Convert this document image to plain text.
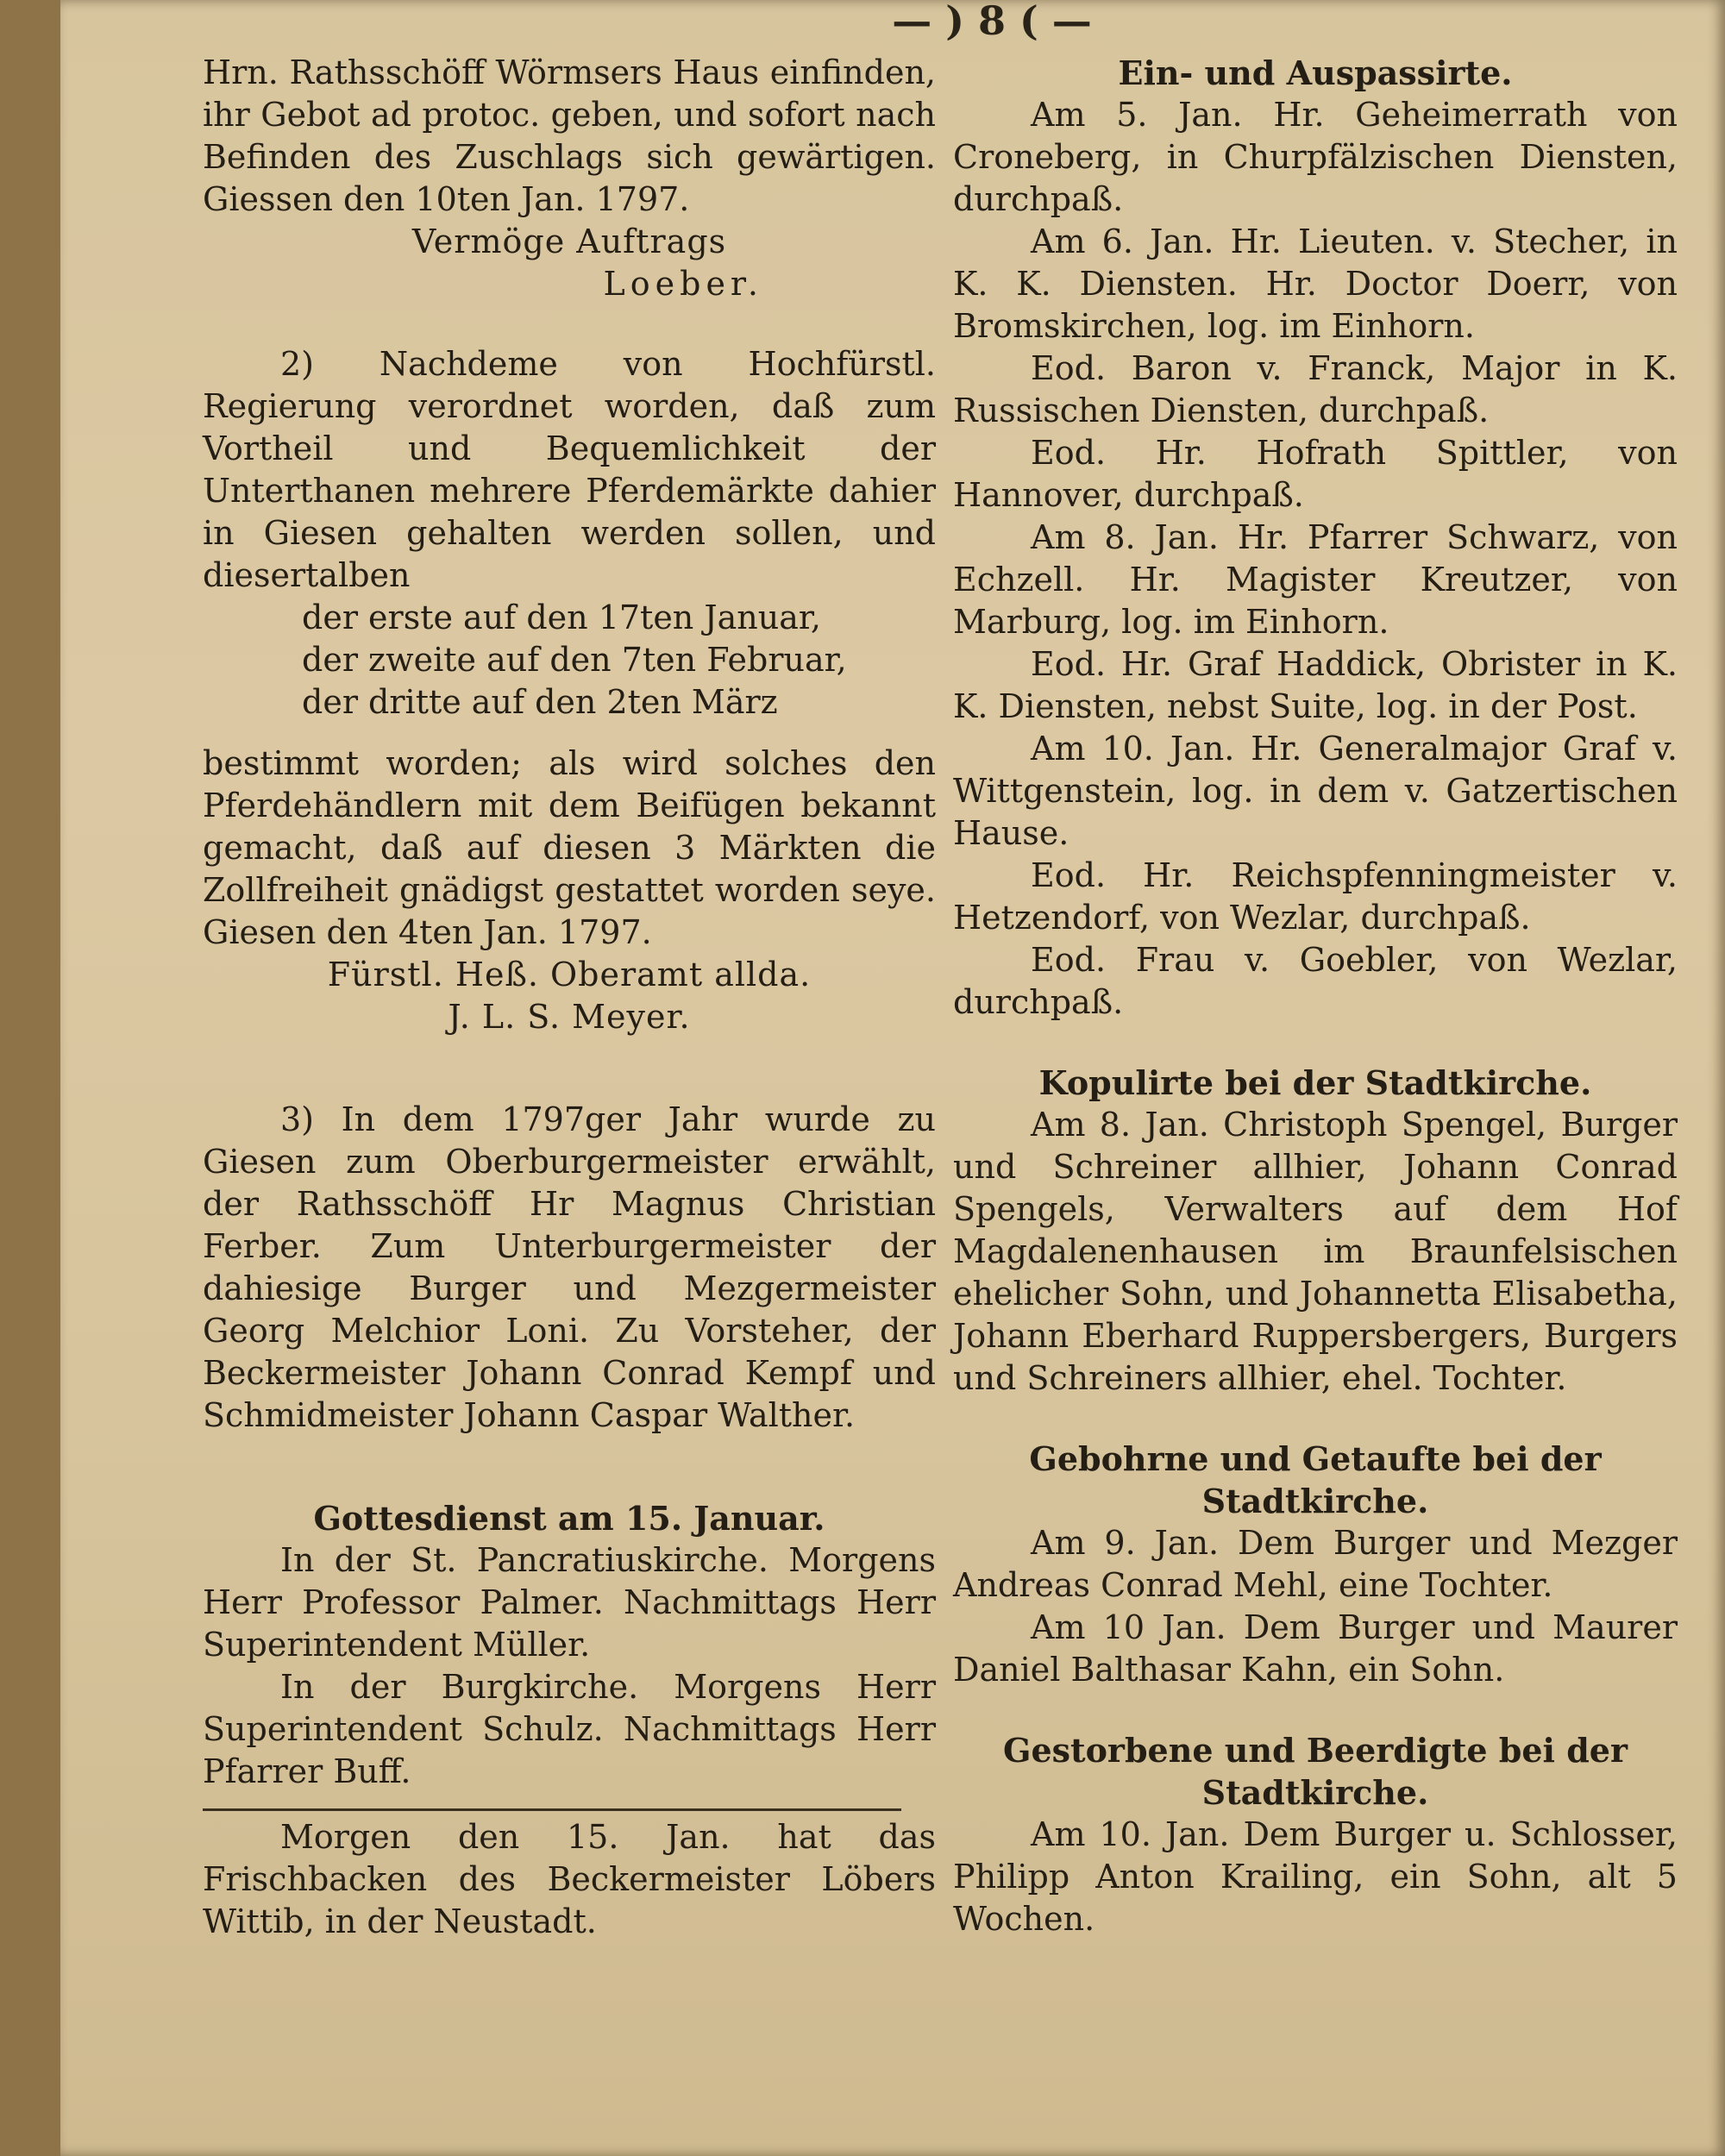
— ) 8 ( —

Hrn. Rathsschöff Wörmsers Haus einfinden, ihr Gebot ad protoc. geben, und sofort nach Befinden des Zuschlags sich gewärtigen. Giessen den 10ten Jan. 1797.

Vermöge Auftrags

Loeber.

2) Nachdeme von Hochfürstl. Regierung verordnet worden, daß zum Vortheil und Bequemlichkeit der Unterthanen mehrere Pferdemärkte dahier in Giesen gehalten werden sollen, und diesertalben

der erste auf den 17ten Januar,

der zweite auf den 7ten Februar,

der dritte auf den 2ten März

bestimmt worden; als wird solches den Pferdehändlern mit dem Beifügen bekannt gemacht, daß auf diesen 3 Märkten die Zollfreiheit gnädigst gestattet worden seye. Giesen den 4ten Jan. 1797.

Fürstl. Heß. Oberamt allda.

J. L. S. Meyer.

3) In dem 1797ger Jahr wurde zu Giesen zum Oberburgermeister erwählt, der Rathsschöff Hr Magnus Christian Ferber. Zum Unterburgermeister der dahiesige Burger und Mezgermeister Georg Melchior Loni. Zu Vorsteher, der Beckermeister Johann Conrad Kempf und Schmidmeister Johann Caspar Walther.

Gottesdienst am 15. Januar.

In der St. Pancratiuskirche. Morgens Herr Professor Palmer. Nachmittags Herr Superintendent Müller.

In der Burgkirche. Morgens Herr Superintendent Schulz. Nachmittags Herr Pfarrer Buff.

Morgen den 15. Jan. hat das Frischbacken des Beckermeister Löbers Wittib, in der Neustadt.

Ein- und Auspassirte.

Am 5. Jan. Hr. Geheimerrath von Croneberg, in Churpfälzischen Diensten, durchpaß.

Am 6. Jan. Hr. Lieuten. v. Stecher, in K. K. Diensten. Hr. Doctor Doerr, von Bromskirchen, log. im Einhorn.

Eod. Baron v. Franck, Major in K. Russischen Diensten, durchpaß.

Eod. Hr. Hofrath Spittler, von Hannover, durchpaß.

Am 8. Jan. Hr. Pfarrer Schwarz, von Echzell. Hr. Magister Kreutzer, von Marburg, log. im Einhorn.

Eod. Hr. Graf Haddick, Obrister in K. K. Diensten, nebst Suite, log. in der Post.

Am 10. Jan. Hr. Generalmajor Graf v. Wittgenstein, log. in dem v. Gatzertischen Hause.

Eod. Hr. Reichspfenningmeister v. Hetzendorf, von Wezlar, durchpaß.

Eod. Frau v. Goebler, von Wezlar, durchpaß.

Kopulirte bei der Stadtkirche.

Am 8. Jan. Christoph Spengel, Burger und Schreiner allhier, Johann Conrad Spengels, Verwalters auf dem Hof Magdalenenhausen im Braunfelsischen ehelicher Sohn, und Johannetta Elisabetha, Johann Eberhard Ruppersbergers, Burgers und Schreiners allhier, ehel. Tochter.

Gebohrne und Getaufte bei der Stadtkirche.

Am 9. Jan. Dem Burger und Mezger Andreas Conrad Mehl, eine Tochter.

Am 10 Jan. Dem Burger und Maurer Daniel Balthasar Kahn, ein Sohn.

Gestorbene und Beerdigte bei der Stadtkirche.

Am 10. Jan. Dem Burger u. Schlosser, Philipp Anton Krailing, ein Sohn, alt 5 Wochen.
